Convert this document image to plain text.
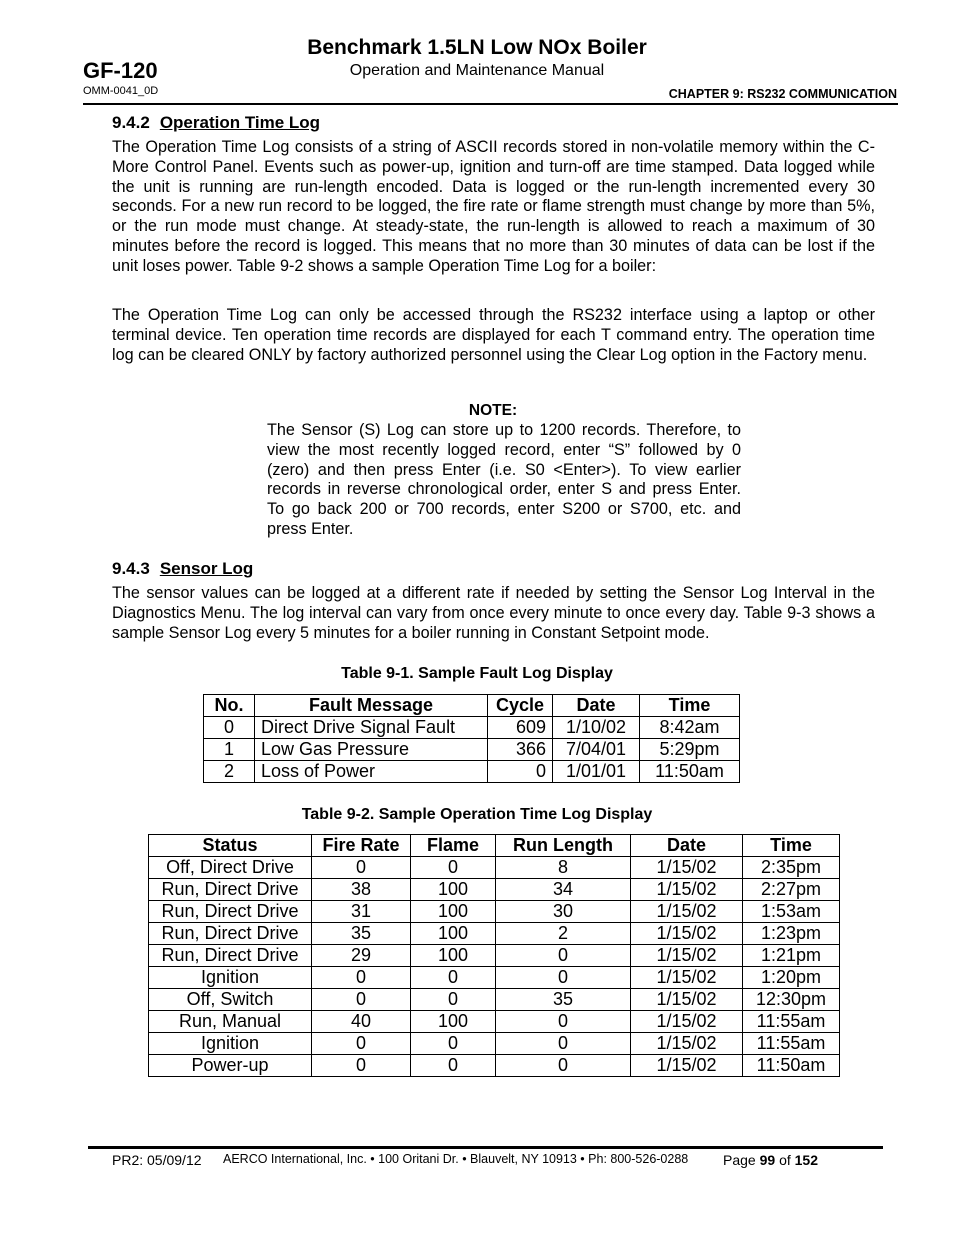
Benchmark 1.5LN Low NOx Boiler
Operation and Maintenance Manual
GF-120
OMM-0041_0D	CHAPTER 9: RS232 COMMUNICATION
9.4.2 Operation Time Log
The Operation Time Log consists of a string of ASCII records stored in non-volatile memory within the C-More Control Panel. Events such as power-up, ignition and turn-off are time stamped. Data logged while the unit is running are run-length encoded. Data is logged or the run-length incremented every 30 seconds. For a new run record to be logged, the fire rate or flame strength must change by more than 5%, or the run mode must change. At steady-state, the run-length is allowed to reach a maximum of 30 minutes before the record is logged. This means that no more than 30 minutes of data can be lost if the unit loses power. Table 9-2 shows a sample Operation Time Log for a boiler:
The Operation Time Log can only be accessed through the RS232 interface using a laptop or other terminal device. Ten operation time records are displayed for each T command entry. The operation time log can be cleared ONLY by factory authorized personnel using the Clear Log option in the Factory menu.
NOTE:
The Sensor (S) Log can store up to 1200 records. Therefore, to view the most recently logged record, enter “S” followed by 0 (zero) and then press Enter (i.e. S0 <Enter>). To view earlier records in reverse chronological order, enter S and press Enter. To go back 200 or 700 records, enter S200 or S700, etc. and press Enter.
9.4.3 Sensor Log
The sensor values can be logged at a different rate if needed by setting the Sensor Log Interval in the Diagnostics Menu. The log interval can vary from once every minute to once every day. Table 9-3 shows a sample Sensor Log every 5 minutes for a boiler running in Constant Setpoint mode.
Table 9-1. Sample Fault Log Display
No.	Fault Message	Cycle	Date	Time
0	Direct Drive Signal Fault	609	1/10/02	8:42am
1	Low Gas Pressure	366	7/04/01	5:29pm
2	Loss of Power	0	1/01/01	11:50am
Table 9-2. Sample Operation Time Log Display
Status	Fire Rate	Flame	Run Length	Date	Time
Off, Direct Drive	0	0	8	1/15/02	2:35pm
Run, Direct Drive	38	100	34	1/15/02	2:27pm
Run, Direct Drive	31	100	30	1/15/02	1:53am
Run, Direct Drive	35	100	2	1/15/02	1:23pm
Run, Direct Drive	29	100	0	1/15/02	1:21pm
Ignition	0	0	0	1/15/02	1:20pm
Off, Switch	0	0	35	1/15/02	12:30pm
Run, Manual	40	100	0	1/15/02	11:55am
Ignition	0	0	0	1/15/02	11:55am
Power-up	0	0	0	1/15/02	11:50am
PR2: 05/09/12 AERCO International, Inc. • 100 Oritani Dr. • Blauvelt, NY 10913 • Ph: 800-526-0288 Page 99 of 152
